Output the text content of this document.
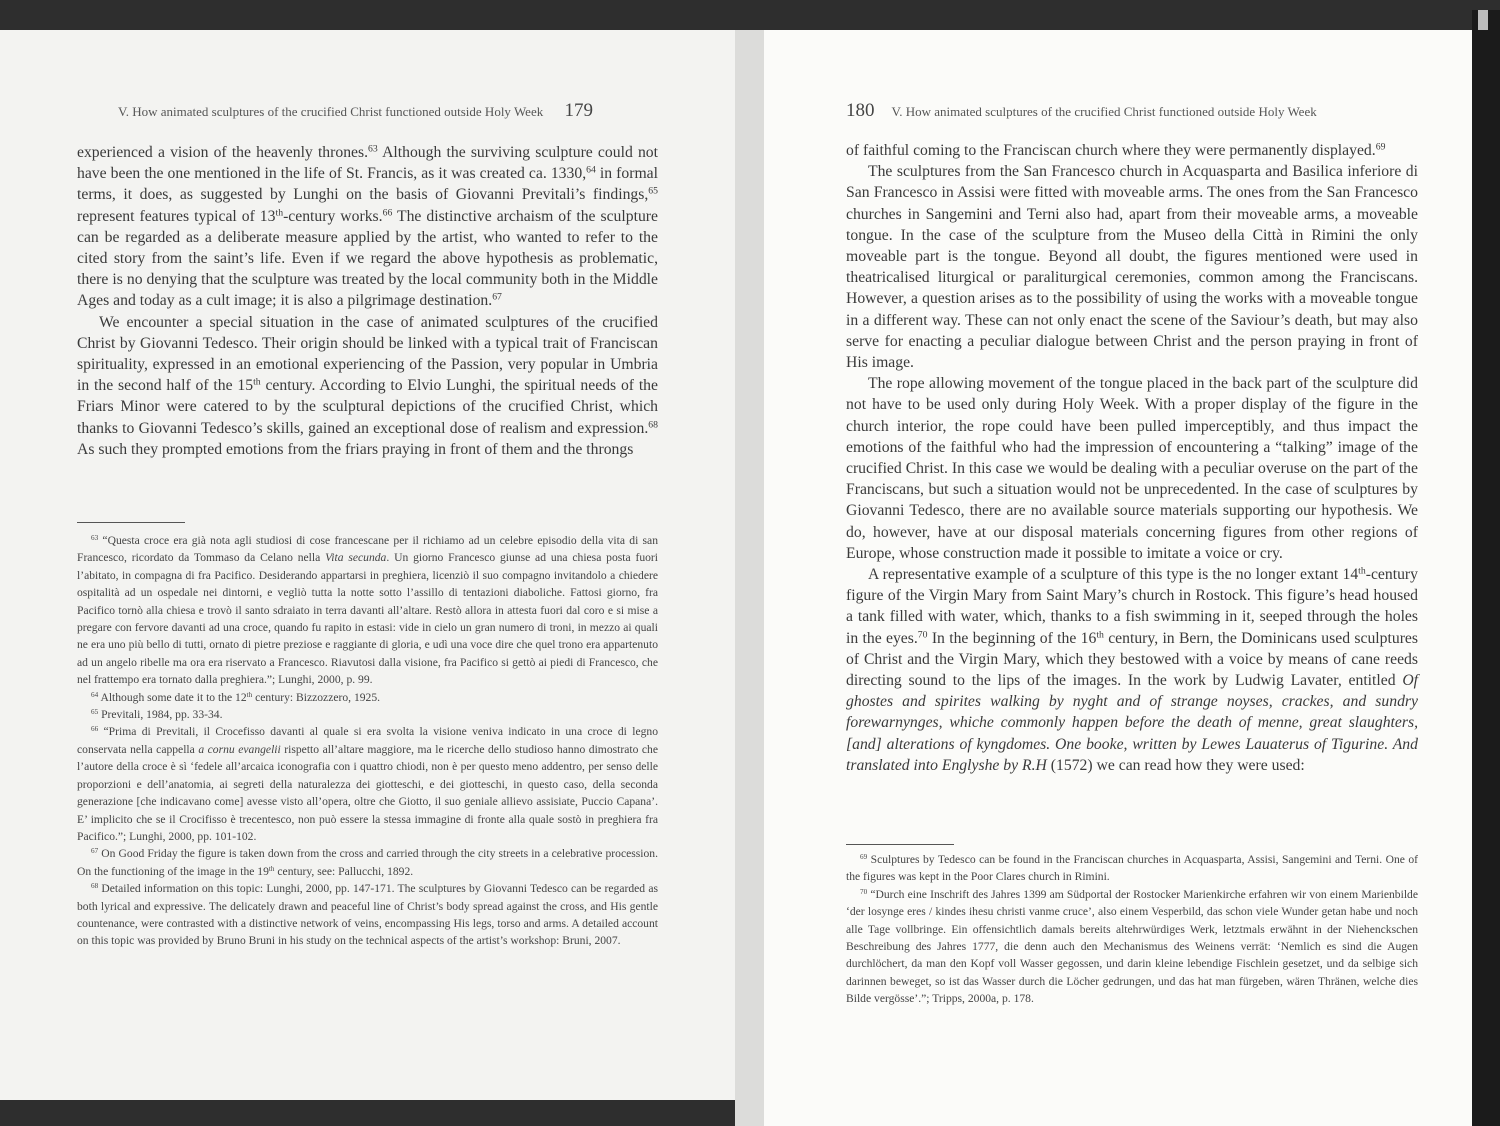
V. How animated sculptures of the crucified Christ functioned outside Holy Week 179

experienced a vision of the heavenly thrones.$^{63}$ Although the surviving sculpture could not have been the one mentioned in the life of St. Francis, as it was created ca. 1330,64 in formal terms, it does, as suggested by Lunghi on the basis of Giovanni Previtali’s findings,$^{65}$ represent features typical of 13th-century works.$^{66}$ The distinctive archaism of the sculpture can be regarded as a deliberate measure applied by the artist, who wanted to refer to the cited story from the saint’s life. Even if we regard the above hypothesis as problematic, there is no denying that the sculpture was treated by the local community both in the Middle Ages and today as a cult image; it is also a pilgrimage destination.$^{67}$

We encounter a special situation in the case of animated sculptures of the crucified Christ by Giovanni Tedesco. Their origin should be linked with a typical trait of Franciscan spirituality, expressed in an emotional experiencing of the Passion, very popular in Umbria in the second half of the 15th century. According to Elvio Lunghi, the spiritual needs of the Friars Minor were catered to by the sculptural depictions of the crucified Christ, which thanks to Giovanni Tedesco’s skills, gained an exceptional dose of realism and expression.$^{68}$ As such they prompted emotions from the friars praying in front of them and the throngs

$^{63}$ “Questa croce era già nota agli studiosi di cose francescane per il richiamo ad un celebre episodio della vita di san Francesco, ricordato da Tommaso da Celano nella Vita secunda. Un giorno Francesco giunse ad una chiesa posta fuori l’abitato, in compagna di fra Pacifico. Desiderando appartarsi in preghiera, licenziò il suo compagno invitandolo a chiedere ospitalità ad un ospedale nei dintorni, e vegliò tutta la notte sotto l’assillo di tentazioni diaboliche. Fattosi giorno, fra Pacifico tornò alla chiesa e trovò il santo sdraiato in terra davanti all’altare. Restò allora in attesta fuori dal coro e si mise a pregare con fervore davanti ad una croce, quando fu rapito in estasi: vide in cielo un gran numero di troni, in mezzo ai quali ne era uno più bello di tutti, ornato di pietre preziose e raggiante di gloria, e udì una voce dire che quel trono era appartenuto ad un angelo ribelle ma ora era riservato a Francesco. Riavutosi dalla visione, fra Pacifico si gettò ai piedi di Francesco, che nel frattempo era tornato dalla preghiera.”; Lunghi, 2000, p. 99.

$^{64}$ Although some date it to the 12th century: Bizzozzero, 1925.

$^{65}$ Previtali, 1984, pp. 33-34.

$^{66}$ “Prima di Previtali, il Crocefisso davanti al quale si era svolta la visione veniva indicato in una croce di legno conservata nella cappella a cornu evangelii rispetto all’altare maggiore, ma le ricerche dello studioso hanno dimostrato che l’autore della croce è sì ‘fedele all’arcaica iconografia con i quattro chiodi, non è per questo meno addentro, per senso delle proporzioni e dell’anatomia, ai segreti della naturalezza dei giotteschi, e dei giotteschi, in questo caso, della seconda generazione [che indicavano come] avesse visto all’opera, oltre che Giotto, il suo geniale allievo assisiate, Puccio Capana’. E’ implicito che se il Crocifisso è trecentesco, non può essere la stessa immagine di fronte alla quale sostò in preghiera fra Pacifico.”; Lunghi, 2000, pp. 101-102.

$^{67}$ On Good Friday the figure is taken down from the cross and carried through the city streets in a celebrative procession. On the functioning of the image in the 19th century, see: Pallucchi, 1892.

$^{68}$ Detailed information on this topic: Lunghi, 2000, pp. 147-171. The sculptures by Giovanni Tedesco can be regarded as both lyrical and expressive. The delicately drawn and peaceful line of Christ’s body spread against the cross, and His gentle countenance, were contrasted with a distinctive network of veins, encompassing His legs, torso and arms. A detailed account on this topic was provided by Bruno Bruni in his study on the technical aspects of the artist’s workshop: Bruni, 2007.

180 V. How animated sculptures of the crucified Christ functioned outside Holy Week

of faithful coming to the Franciscan church where they were permanently displayed.$^{69}$

The sculptures from the San Francesco church in Acquasparta and Basilica inferiore di San Francesco in Assisi were fitted with moveable arms. The ones from the San Francesco churches in Sangemini and Terni also had, apart from their moveable arms, a moveable tongue. In the case of the sculpture from the Museo della Città in Rimini the only moveable part is the tongue. Beyond all doubt, the figures mentioned were used in theatricalised liturgical or paraliturgical ceremonies, common among the Franciscans. However, a question arises as to the possibility of using the works with a moveable tongue in a different way. These can not only enact the scene of the Saviour’s death, but may also serve for enacting a peculiar dialogue between Christ and the person praying in front of His image.

The rope allowing movement of the tongue placed in the back part of the sculpture did not have to be used only during Holy Week. With a proper display of the figure in the church interior, the rope could have been pulled imperceptibly, and thus impact the emotions of the faithful who had the impression of encountering a “talking” image of the crucified Christ. In this case we would be dealing with a peculiar overuse on the part of the Franciscans, but such a situation would not be unprecedented. In the case of sculptures by Giovanni Tedesco, there are no available source materials supporting our hypothesis. We do, however, have at our disposal materials concerning figures from other regions of Europe, whose construction made it possible to imitate a voice or cry.

A representative example of a sculpture of this type is the no longer extant 14th-century figure of the Virgin Mary from Saint Mary’s church in Rostock. This figure’s head housed a tank filled with water, which, thanks to a fish swimming in it, seeped through the holes in the eyes.$^{70}$ In the beginning of the 16th century, in Bern, the Dominicans used sculptures of Christ and the Virgin Mary, which they bestowed with a voice by means of cane reeds directing sound to the lips of the images. In the work by Ludwig Lavater, entitled Of ghostes and spirites walking by nyght and of strange noyses, crackes, and sundry forewarnynges, whiche commonly happen before the death of menne, great slaughters, [and] alterations of kyngdomes. One booke, written by Lewes Lauaterus of Tigurine. And translated into Englyshe by R.H (1572) we can read how they were used:

$^{69}$ Sculptures by Tedesco can be found in the Franciscan churches in Acquasparta, Assisi, Sangemini and Terni. One of the figures was kept in the Poor Clares church in Rimini.

$^{70}$ “Durch eine Inschrift des Jahres 1399 am Südportal der Rostocker Marienkirche erfahren wir von einem Marienbilde ‘der losynge eres / kindes ihesu christi vanme cruce’, also einem Vesperbild, das schon viele Wunder getan habe und noch alle Tage vollbringe. Ein offensichtlich damals bereits altehrwürdiges Werk, letztmals erwähnt in der Niehenckschen Beschreibung des Jahres 1777, die denn auch den Mechanismus des Weinens verrät: ‘Nemlich es sind die Augen durchlöchert, da man den Kopf voll Wasser gegossen, und darin kleine lebendige Fischlein gesetzet, und da selbige sich darinnen beweget, so ist das Wasser durch die Löcher gedrungen, und das hat man fürgeben, wären Thränen, welche dies Bilde vergösse’.”; Tripps, 2000a, p. 178.
